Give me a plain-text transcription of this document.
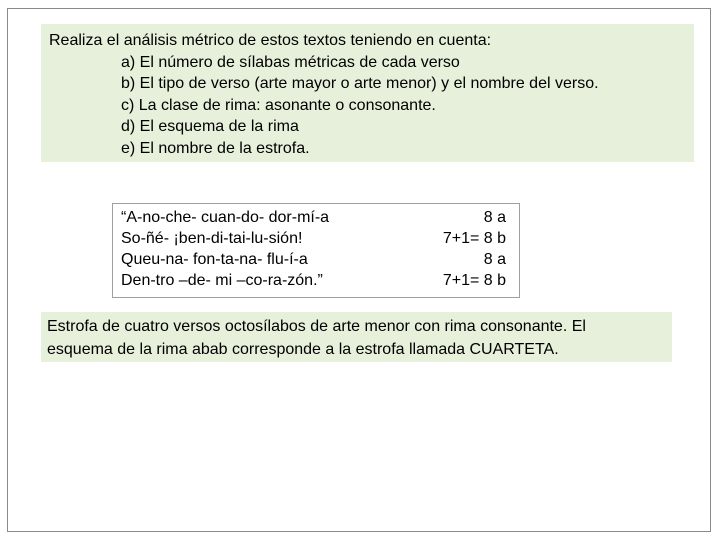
Realiza el análisis métrico de estos textos teniendo en cuenta:
a) El número de sílabas métricas de cada verso
b) El tipo de verso (arte mayor o arte menor) y el nombre del verso.
c) La clase de rima: asonante o consonante.
d) El esquema de la rima
e) El nombre de la estrofa.
“A-no-che- cuan-do- dor-mí-a	8 a
So-ñé- ¡ben-di-tai-lu-sión!	7+1= 8 b
Queu-na- fon-ta-na- flu-í-a	8 a
Den-tro –de- mi –co-ra-zón.”	7+1= 8 b
Estrofa de cuatro versos octosílabos de arte menor con rima consonante. El
esquema de la rima abab corresponde a la estrofa llamada CUARTETA.
